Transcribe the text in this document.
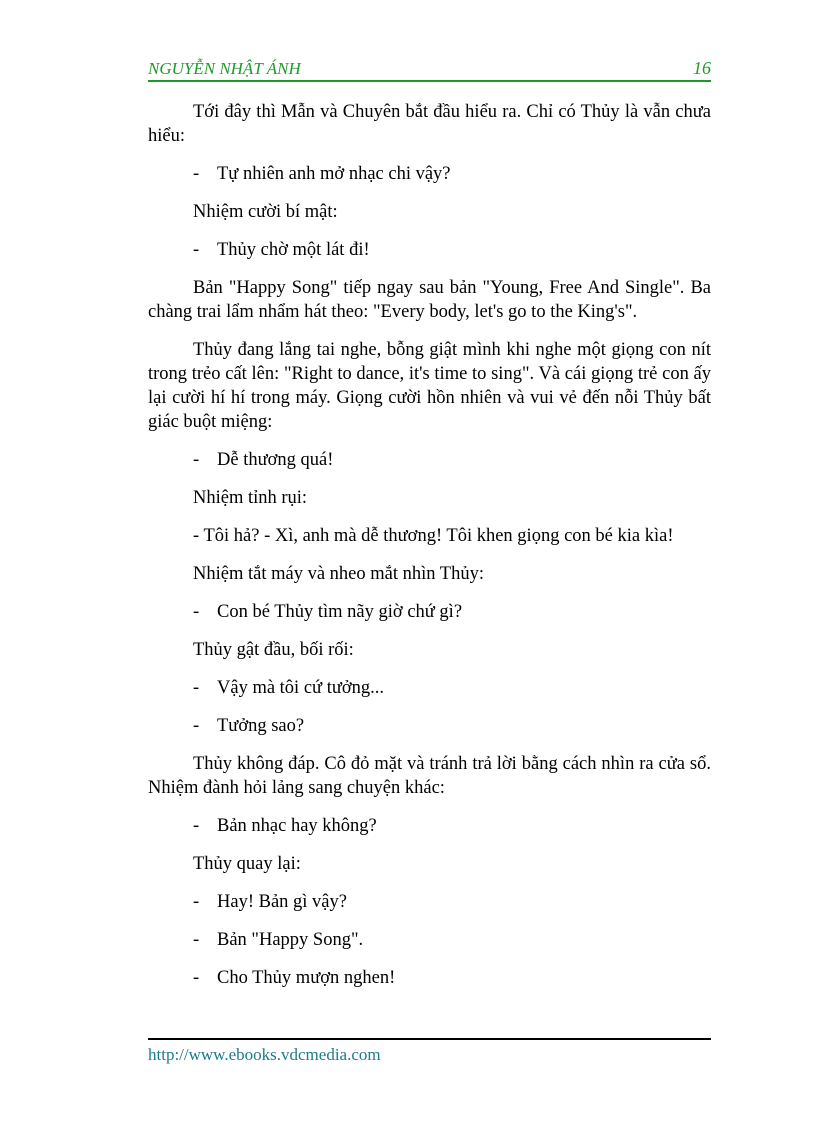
NGUYỄN NHẬT ÁNH	16

Tới đây thì Mẫn và Chuyên bắt đầu hiểu ra. Chỉ có Thủy là vẫn chưa hiểu:

- Tự nhiên anh mở nhạc chi vậy?

Nhiệm cười bí mật:

- Thủy chờ một lát đi!

Bản "Happy Song" tiếp ngay sau bản "Young, Free And Single". Ba chàng trai lẩm nhẩm hát theo: "Every body, let's go to the King's".

Thủy đang lắng tai nghe, bỗng giật mình khi nghe một giọng con nít trong trẻo cất lên: "Right to dance, it's time to sing". Và cái giọng trẻ con ấy lại cười hí hí trong máy. Giọng cười hồn nhiên và vui vẻ đến nỗi Thủy bất giác buột miệng:

- Dễ thương quá!

Nhiệm tỉnh rụi:

- Tôi hả? - Xì, anh mà dễ thương! Tôi khen giọng con bé kia kìa!

Nhiệm tắt máy và nheo mắt nhìn Thủy:

- Con bé Thủy tìm nãy giờ chứ gì?

Thủy gật đầu, bối rối:

- Vậy mà tôi cứ tưởng...

- Tưởng sao?

Thủy không đáp. Cô đỏ mặt và tránh trả lời bằng cách nhìn ra cửa sổ. Nhiệm đành hỏi lảng sang chuyện khác:

- Bản nhạc hay không?

Thủy quay lại:

- Hay! Bản gì vậy?

- Bản "Happy Song".

- Cho Thủy mượn nghen!

http://www.ebooks.vdcmedia.com
